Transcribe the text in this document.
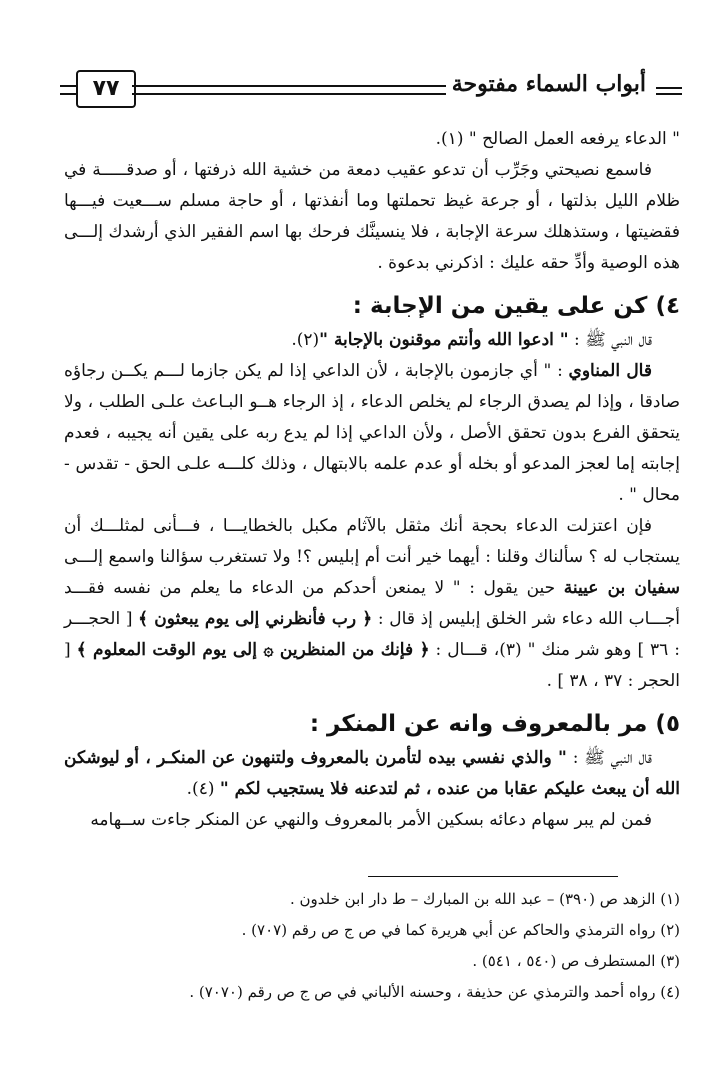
٧٧	أبواب السماء مفتوحة

" الدعاء يرفعه العمل الصالح " (١).

فاسمع نصيحتي وجَرِّب أن تدعو عقيب دمعة من خشية الله ذرفتها ، أو صدقـــــة في ظلام الليل بذلتها ، أو جرعة غيظ تحملتها وما أنفذتها ، أو حاجة مسلم ســـعيت فيـــها فقضيتها ، وستذهلك سرعة الإجابة ، فلا ينسينَّك فرحك بها اسم الفقير الذي أرشدك إلـــى هذه الوصية وأدِّ حقه عليك : اذكرني بدعوة .

٤) كن على يقين من الإجابة :

قال النبي ﷺ : " ادعوا الله وأنتم موقنون بالإجابة "(٢).

قال المناوي : " أي جازمون بالإجابة ، لأن الداعي إذا لم يكن جازما لـــم يكــن رجاؤه صادقا ، وإذا لم يصدق الرجاء لم يخلص الدعاء ، إذ الرجاء هــو البـاعث علـى الطلب ، ولا يتحقق الفرع بدون تحقق الأصل ، ولأن الداعي إذا لم يدع ربه على يقين أنه يجيبه ، فعدم إجابته إما لعجز المدعو أو بخله أو عدم علمه بالابتهال ، وذلك كلـــه علـى الحق - تقدس - محال " .

فإن اعتزلت الدعاء بحجة أنك مثقل بالآثام مكبل بالخطايـــا ، فـــأنى لمثلـــك أن يستجاب له ؟ سألناك وقلنا : أيهما خير أنت أم إبليس ؟! ولا تستغرب سؤالنا واسمع إلـــى سفيان بن عيينة حين يقول : " لا يمنعن أحدكم من الدعاء ما يعلم من نفسه فقـــد أجـــاب الله دعاء شر الخلق إبليس إذ قال : ﴿ رب فأنظرني إلى يوم يبعثون ﴾ [ الحجـــر : ٣٦ ] وهو شر منك " (٣)، قـــال : ﴿ فإنك من المنظرين ۞ إلى يوم الوقت المعلوم ﴾ [ الحجر : ٣٧ ، ٣٨ ] .

٥) مر بالمعروف وانه عن المنكر :

قال النبي ﷺ : " والذي نفسي بيده لتأمرن بالمعروف ولتنهون عن المنكـر ، أو ليوشكن الله أن يبعث عليكم عقابا من عنده ، ثم لتدعنه فلا يستجيب لكم " (٤).

فمن لم يبر سهام دعائه بسكين الأمر بالمعروف والنهي عن المنكر جاءت ســهامه

(١) الزهد ص (٣٩٠) – عبد الله بن المبارك – ط دار ابن خلدون .

(٢) رواه الترمذي والحاكم عن أبي هريرة كما في ص ج ص رقم (٧٠٧) .

(٣) المستطرف ص (٥٤٠ ، ٥٤١) .

(٤) رواه أحمد والترمذي عن حذيفة ، وحسنه الألباني في ص ج ص رقم (٧٠٧٠) .
